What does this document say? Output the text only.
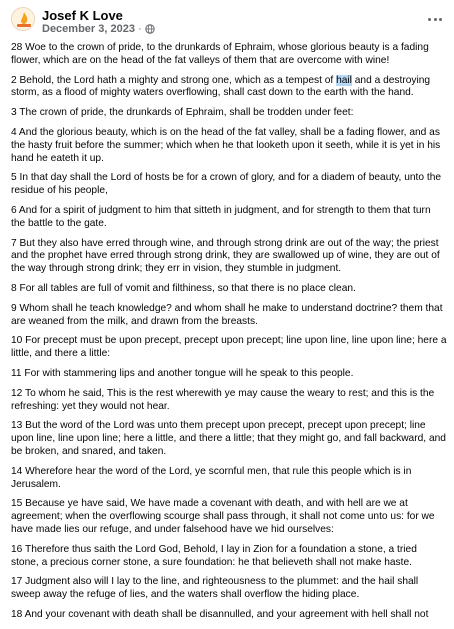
Josef K Love
December 3, 2023 ·

28 Woe to the crown of pride, to the drunkards of Ephraim, whose glorious beauty is a fading flower, which are on the head of the fat valleys of them that are overcome with wine!

2 Behold, the Lord hath a mighty and strong one, which as a tempest of hail and a destroying storm, as a flood of mighty waters overflowing, shall cast down to the earth with the hand.

3 The crown of pride, the drunkards of Ephraim, shall be trodden under feet:

4 And the glorious beauty, which is on the head of the fat valley, shall be a fading flower, and as the hasty fruit before the summer; which when he that looketh upon it seeth, while it is yet in his hand he eateth it up.

5 In that day shall the Lord of hosts be for a crown of glory, and for a diadem of beauty, unto the residue of his people,

6 And for a spirit of judgment to him that sitteth in judgment, and for strength to them that turn the battle to the gate.

7 But they also have erred through wine, and through strong drink are out of the way; the priest and the prophet have erred through strong drink, they are swallowed up of wine, they are out of the way through strong drink; they err in vision, they stumble in judgment.

8 For all tables are full of vomit and filthiness, so that there is no place clean.

9 Whom shall he teach knowledge? and whom shall he make to understand doctrine? them that are weaned from the milk, and drawn from the breasts.

10 For precept must be upon precept, precept upon precept; line upon line, line upon line; here a little, and there a little:

11 For with stammering lips and another tongue will he speak to this people.

12 To whom he said, This is the rest wherewith ye may cause the weary to rest; and this is the refreshing: yet they would not hear.

13 But the word of the Lord was unto them precept upon precept, precept upon precept; line upon line, line upon line; here a little, and there a little; that they might go, and fall backward, and be broken, and snared, and taken.

14 Wherefore hear the word of the Lord, ye scornful men, that rule this people which is in Jerusalem.

15 Because ye have said, We have made a covenant with death, and with hell are we at agreement; when the overflowing scourge shall pass through, it shall not come unto us: for we have made lies our refuge, and under falsehood have we hid ourselves:

16 Therefore thus saith the Lord God, Behold, I lay in Zion for a foundation a stone, a tried stone, a precious corner stone, a sure foundation: he that believeth shall not make haste.

17 Judgment also will I lay to the line, and righteousness to the plummet: and the hail shall sweep away the refuge of lies, and the waters shall overflow the hiding place.

18 And your covenant with death shall be disannulled, and your agreement with hell shall not
